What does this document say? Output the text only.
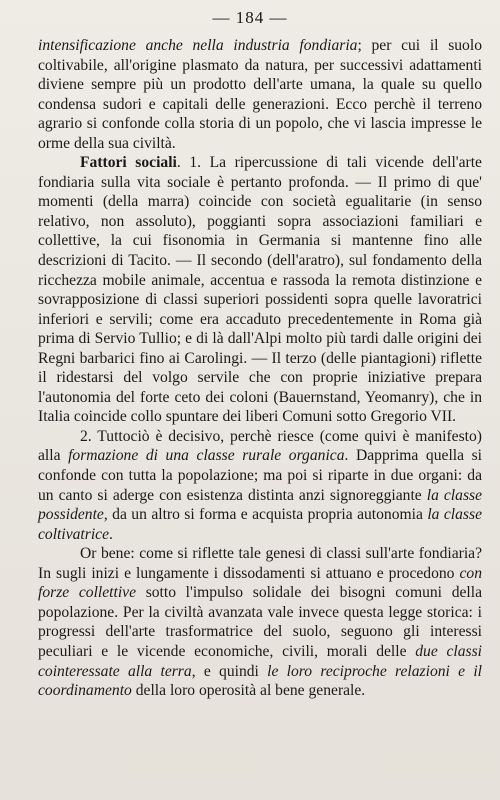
— 184 —

intensificazione anche nella industria fondiaria; per cui il suolo coltivabile, all'origine plasmato da natura, per successivi adattamenti diviene sempre più un prodotto dell'arte umana, la quale su quello condensa sudori e capitali delle generazioni. Ecco perchè il terreno agrario si confonde colla storia di un popolo, che vi lascia impresse le orme della sua civiltà.

Fattori sociali. 1. La ripercussione di tali vicende dell'arte fondiaria sulla vita sociale è pertanto profonda. — Il primo di que' momenti (della marra) coincide con società egualitarie (in senso relativo, non assoluto), poggianti sopra associazioni familiari e collettive, la cui fisonomia in Germania si mantenne fino alle descrizioni di Tacito. — Il secondo (dell'aratro), sul fondamento della ricchezza mobile animale, accentua e rassoda la remota distinzione e sovrapposizione di classi superiori possidenti sopra quelle lavoratrici inferiori e servili; come era accaduto precedentemente in Roma già prima di Servio Tullio; e di là dall'Alpi molto più tardi dalle origini dei Regni barbarici fino ai Carolingi. — Il terzo (delle piantagioni) riflette il ridestarsi del volgo servile che con proprie iniziative prepara l'autonomia del forte ceto dei coloni (Bauernstand, Yeomanry), che in Italia coincide collo spuntare dei liberi Comuni sotto Gregorio VII.

2. Tuttociò è decisivo, perchè riesce (come quivi è manifesto) alla formazione di una classe rurale organica. Dapprima quella si confonde con tutta la popolazione; ma poi si riparte in due organi: da un canto si aderge con esistenza distinta anzi signoreggiante la classe possidente, da un altro si forma e acquista propria autonomia la classe coltivatrice.

Or bene: come si riflette tale genesi di classi sull'arte fondiaria? In sugli inizi e lungamente i dissodamenti si attuano e procedono con forze collettive sotto l'impulso solidale dei bisogni comuni della popolazione. Per la civiltà avanzata vale invece questa legge storica: i progressi dell'arte trasformatrice del suolo, seguono gli interessi peculiari e le vicende economiche, civili, morali delle due classi cointeressate alla terra, e quindi le loro reciproche relazioni e il coordinamento della loro operosità al bene generale.
